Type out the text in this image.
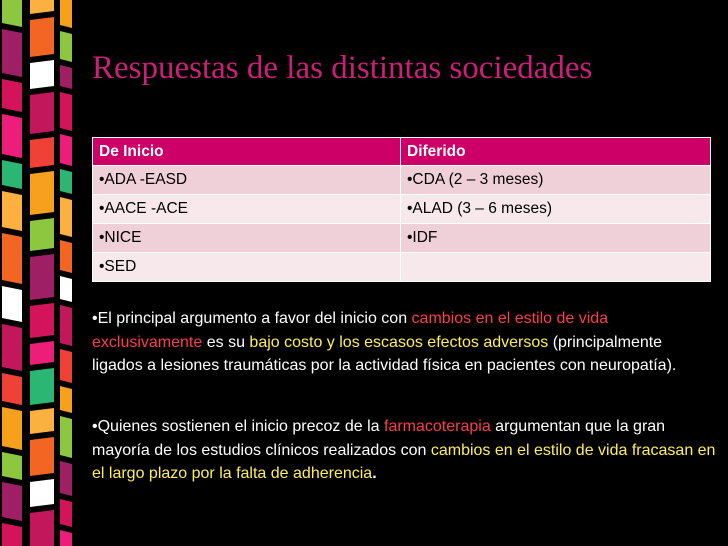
Respuestas de las distintas sociedades
De Inicio	Diferido
•ADA -EASD	•CDA (2 – 3 meses)
•AACE -ACE	•ALAD (3 – 6 meses)
•NICE	•IDF
•SED	

•El principal argumento a favor del inicio con cambios en el estilo de vida exclusivamente es su bajo costo y los escasos efectos adversos (principalmente ligados a lesiones traumáticas por la actividad física en pacientes con neuropatía).

•Quienes sostienen el inicio precoz de la farmacoterapia argumentan que la gran mayoría de los estudios clínicos realizados con cambios en el estilo de vida fracasan en el largo plazo por la falta de adherencia.
